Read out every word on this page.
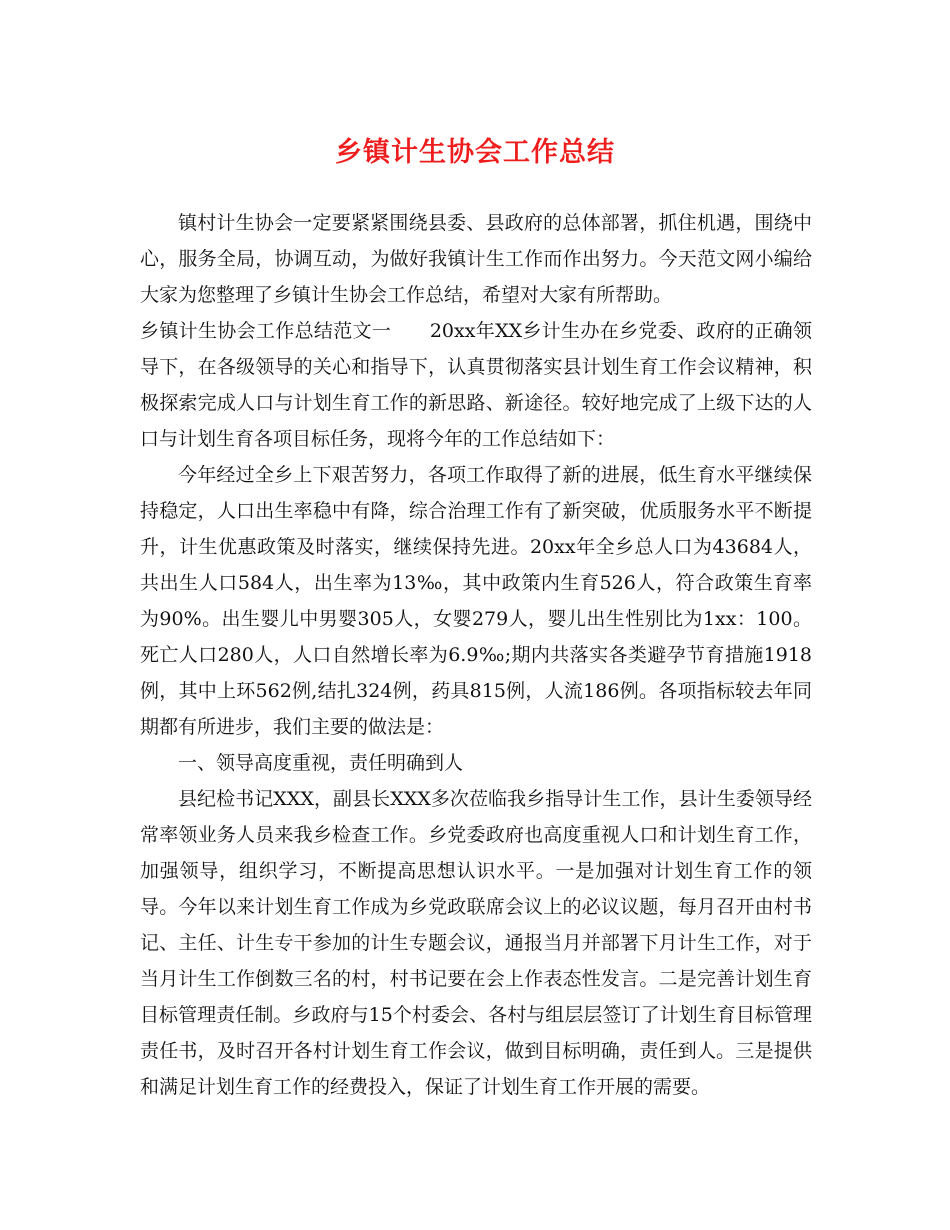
乡镇计生协会工作总结

镇村计生协会一定要紧紧围绕县委、县政府的总体部署，抓住机遇，围绕中心，服务全局，协调互动，为做好我镇计生工作而作出努力。今天范文网小编给大家为您整理了乡镇计生协会工作总结，希望对大家有所帮助。

乡镇计生协会工作总结范文一　　20xx年XX乡计生办在乡党委、政府的正确领导下，在各级领导的关心和指导下，认真贯彻落实县计划生育工作会议精神，积极探索完成人口与计划生育工作的新思路、新途径。较好地完成了上级下达的人口与计划生育各项目标任务，现将今年的工作总结如下：

今年经过全乡上下艰苦努力，各项工作取得了新的进展，低生育水平继续保持稳定，人口出生率稳中有降，综合治理工作有了新突破，优质服务水平不断提升，计生优惠政策及时落实，继续保持先进。20xx年全乡总人口为43684人，共出生人口584人，出生率为13‰，其中政策内生育526人，符合政策生育率为90%。出生婴儿中男婴305人，女婴279人，婴儿出生性别比为1xx：100。死亡人口280人，人口自然增长率为6.9‰;期内共落实各类避孕节育措施1918例，其中上环562例,结扎324例，药具815例，人流186例。各项指标较去年同期都有所进步，我们主要的做法是：

一、领导高度重视，责任明确到人

县纪检书记XXX，副县长XXX多次莅临我乡指导计生工作，县计生委领导经常率领业务人员来我乡检查工作。乡党委政府也高度重视人口和计划生育工作，加强领导，组织学习，不断提高思想认识水平。一是加强对计划生育工作的领导。今年以来计划生育工作成为乡党政联席会议上的必议议题，每月召开由村书记、主任、计生专干参加的计生专题会议，通报当月并部署下月计生工作，对于当月计生工作倒数三名的村，村书记要在会上作表态性发言。二是完善计划生育目标管理责任制。乡政府与15个村委会、各村与组层层签订了计划生育目标管理责任书，及时召开各村计划生育工作会议，做到目标明确，责任到人。三是提供和满足计划生育工作的经费投入，保证了计划生育工作开展的需要。
